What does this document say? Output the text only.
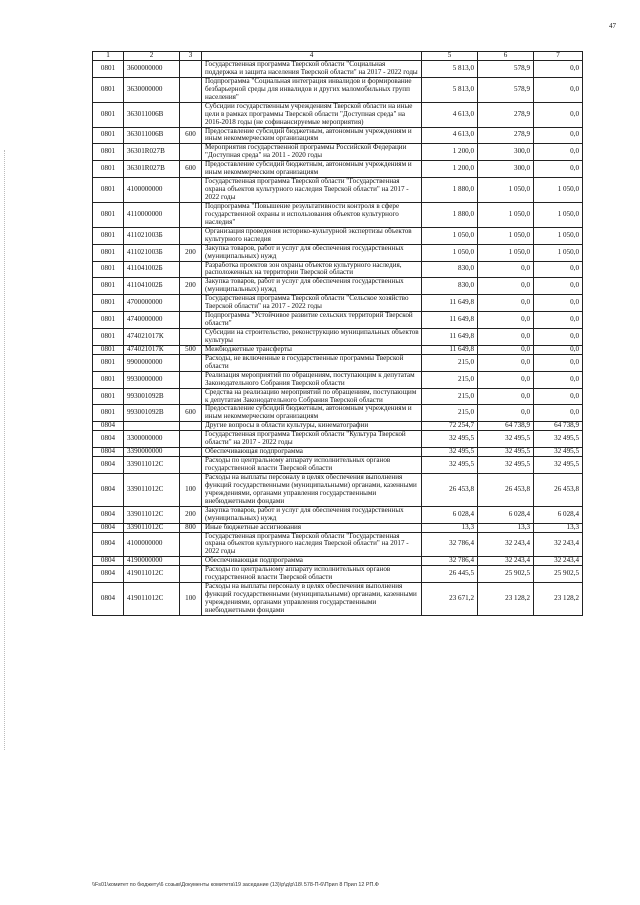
47
1	2	3	4	5	6	7
0801	3600000000		Государственная программа Тверской области "Социальная поддержка и защита населения Тверской области" на 2017 - 2022 годы	5 813,0	578,9	0,0
0801	3630000000		Подпрограмма "Социальная интеграция инвалидов и формирование безбарьерной среды для инвалидов и других маломобильных групп населения"	5 813,0	578,9	0,0
0801	363011006В		Субсидии государственным учреждениям Тверской области на иные цели в рамках программы Тверской области "Доступная среда" на 2016-2018 годы (не софинансируемые мероприятия)	4 613,0	278,9	0,0
0801	363011006В	600	Предоставление субсидий бюджетным, автономным учреждениям и иным некоммерческим организациям	4 613,0	278,9	0,0
0801	36301R027В		Мероприятия государственной программы Российской Федерации "Доступная среда" на 2011 - 2020 годы	1 200,0	300,0	0,0
0801	36301R027В	600	Предоставление субсидий бюджетным, автономным учреждениям и иным некоммерческим организациям	1 200,0	300,0	0,0
0801	4100000000		Государственная программа Тверской области "Государственная охрана объектов культурного наследия Тверской области" на 2017 - 2022 годы	1 880,0	1 050,0	1 050,0
0801	4110000000		Подпрограмма "Повышение результативности контроля в сфере государственной охраны и использования объектов культурного наследия"	1 880,0	1 050,0	1 050,0
0801	411021003Б		Организация проведения историко-культурной экспертизы объектов культурного наследия	1 050,0	1 050,0	1 050,0
0801	411021003Б	200	Закупка товаров, работ и услуг для обеспечения государственных (муниципальных) нужд	1 050,0	1 050,0	1 050,0
0801	411041002Б		Разработка проектов зон охраны объектов культурного наследия, расположенных на территории Тверской области	830,0	0,0	0,0
0801	411041002Б	200	Закупка товаров, работ и услуг для обеспечения государственных (муниципальных) нужд	830,0	0,0	0,0
0801	4700000000		Государственная программа Тверской области "Сельское хозяйство Тверской области" на 2017 - 2022 годы	11 649,8	0,0	0,0
0801	4740000000		Подпрограмма "Устойчивое развитие сельских территорий Тверской области"	11 649,8	0,0	0,0
0801	474021017К		Субсидии на строительство, реконструкцию муниципальных объектов культуры	11 649,8	0,0	0,0
0801	474021017К	500	Межбюджетные трансферты	11 649,8	0,0	0,0
0801	9900000000		Расходы, не включенные в государственные программы Тверской области	215,0	0,0	0,0
0801	9930000000		Реализация мероприятий по обращениям, поступающим к депутатам Законодательного Собрания Тверской области	215,0	0,0	0,0
0801	993001092В		Средства на реализацию мероприятий по обращениям, поступающим к депутатам Законодательного Собрания Тверской области	215,0	0,0	0,0
0801	993001092В	600	Предоставление субсидий бюджетным, автономным учреждениям и иным некоммерческим организациям	215,0	0,0	0,0
0804			Другие вопросы в области культуры, кинематографии	72 254,7	64 738,9	64 738,9
0804	3300000000		Государственная программа Тверской области "Культура Тверской области" на 2017 - 2022 годы	32 495,5	32 495,5	32 495,5
0804	3390000000		Обеспечивающая подпрограмма	32 495,5	32 495,5	32 495,5
0804	339011012С		Расходы по центральному аппарату исполнительных органов государственной власти Тверской области	32 495,5	32 495,5	32 495,5
0804	339011012С	100	Расходы на выплаты персоналу в целях обеспечения выполнения функций государственными (муниципальными) органами, казенными учреждениями, органами управления государственными внебюджетными фондами	26 453,8	26 453,8	26 453,8
0804	339011012С	200	Закупка товаров, работ и услуг для обеспечения государственных (муниципальных) нужд	6 028,4	6 028,4	6 028,4
0804	339011012С	800	Иные бюджетные ассигнования	13,3	13,3	13,3
0804	4100000000		Государственная программа Тверской области "Государственная охрана объектов культурного наследия Тверской области" на 2017 - 2022 годы	32 786,4	32 243,4	32 243,4
0804	4190000000		Обеспечивающая подпрограмма	32 786,4	32 243,4	32 243,4
0804	419011012С		Расходы по центральному аппарату исполнительных органов государственной власти Тверской области	26 445,5	25 902,5	25 902,5
0804	419011012С	100	Расходы на выплаты персоналу в целях обеспечения выполнения функций государственными (муниципальными) органами, казенными учреждениями, органами управления государственными внебюджетными фондами	23 671,2	23 128,2	23 128,2
\\Fs01\комитет по бюджету\6 созыв\Документы комитета\19 заседание (13)\р\д\р\18\ 578-П-6\Прил 8 Прил 12 РП.Ф
